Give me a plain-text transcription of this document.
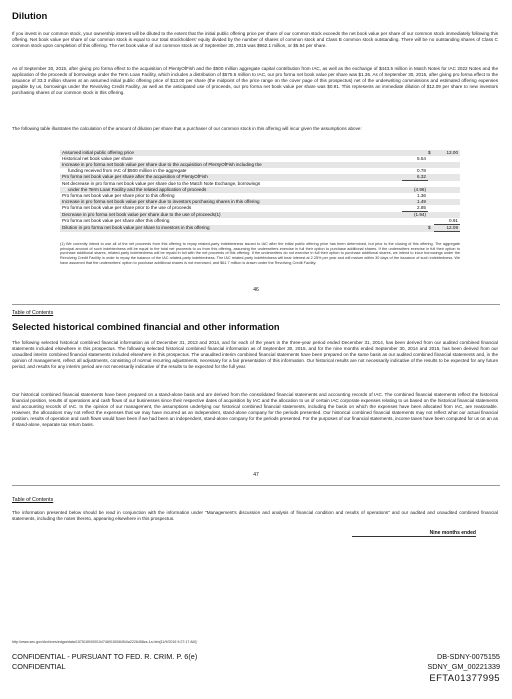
Dilution
If you invest in our common stock, your ownership interest will be diluted to the extent that the initial public offering price per share of our common stock exceeds the net book value per share of our common stock immediately following this offering. Net book value per share of our common stock is equal to our total stockholders' equity divided by the number of shares of common stock and Class B common stock outstanding. There will be no outstanding shares of Class C common stock upon completion of this offering. The net book value of our common stock as of September 30, 2015 was $962.1 million, or $5.54 per share.
As of September 30, 2015, after giving pro forma effect to the acquisition of PlentyOfFish and the $500 million aggregate capital contribution from IAC, as well as the exchange of $443.5 million in Match Notes for IAC 2022 Notes and the application of the proceeds of borrowings under the Term Loan Facility, which includes a distribution of $575.5 million to IAC, our pro forma net book value per share was $1.36. As of September 30, 2015, after giving pro forma effect to the issuance of 33.3 million shares at an assumed initial public offering price of $13.00 per share (the midpoint of the price range on the cover page of this prospectus) net of the underwriting commissions and estimated offering expenses payable by us, borrowings under the Revolving Credit Facility, as well as the anticipated use of proceeds, our pro forma net book value per share was $0.91. This represents an immediate dilution of $12.09 per share to new investors purchasing shares of our common stock in this offering.
The following table illustrates the calculation of the amount of dilution per share that a purchaser of our common stock in this offering will incur given the assumptions above:
Assumed initial public offering price			$	13.00
Historical net book value per share		5.54		
Increase in pro forma net book value per share due to the acquisition of PlentyOfFish including the				
funding received from IAC of $500 million in the aggregate		0.78		
Pro forma net book value per share after the acquisition of PlentyOfFish		6.32		
Net decrease in pro forma net book value per share due to the Match Note Exchange, borrowings				
under the Term Loan Facility and the related application of proceeds		(4.96)		
Pro forma net book value per share prior to this offering		1.36		
Increase in pro forma net book value per share due to investors purchasing shares in this offering		1.49		
Pro forma net book value per share prior to the use of proceeds		2.85		
Decrease in pro forma net book value per share due to the use of proceeds(1)		(1.94)		
Pro forma net book value per share after this offering				0.91
Dilution in pro forma net book value per share to investors in this offering			$	12.09
(1) We currently intend to use all of the net proceeds from this offering to repay related-party indebtedness issued to IAC after the initial public offering price has been determined, but prior to the closing of this offering. The aggregate principal amount of such indebtedness will be equal to the total net proceeds to us from this offering, assuming the underwriters exercise in full their option to purchase additional shares. If the underwriters exercise in full their option to purchase additional shares, related-party indebtedness will be repaid in full with the net proceeds of this offering. If the underwriters do not exercise in full their option to purchase additional shares, we intend to incur borrowings under the Revolving Credit Facility in order to repay the balance of the IAC related-party indebtedness. The IAC related-party indebtedness will bear interest at 2.25% per year and will mature within 30 days of the issuance of such indebtedness. We have assumed that the underwriters' option to purchase additional shares is not exercised, and $61.7 million is drawn under the Revolving Credit Facility.
46
Table of Contents
Selected historical combined financial and other information
The following selected historical combined financial information as of December 31, 2013 and 2014, and for each of the years in the three-year period ended December 31, 2014, has been derived from our audited combined financial statements included elsewhere in this prospectus. The following selected historical combined financial information as of September 30, 2015, and for the nine months ended September 30, 2014 and 2015, has been derived from our unaudited interim combined financial statements included elsewhere in this prospectus. The unaudited interim combined financial statements have been prepared on the same basis as our audited combined financial statements and, in the opinion of management, reflect all adjustments, consisting of normal recurring adjustments, necessary for a fair presentation of this information. Our historical results are not necessarily indicative of the results to be expected for any future period, and results for any interim period are not necessarily indicative of the results to be expected for the full year.
Our historical combined financial statements have been prepared on a stand-alone basis and are derived from the consolidated financial statements and accounting records of IAC. The combined financial statements reflect the historical financial position, results of operations and cash flows of our businesses since their respective dates of acquisition by IAC and the allocation to us of certain IAC corporate expenses relating to us based on the historical financial statements and accounting records of IAC. In the opinion of our management, the assumptions underlying our historical combined financial statements, including the basis on which the expenses have been allocated from IAC, are reasonable. However, the allocations may not reflect the expenses that we may have incurred as an independent, stand-alone company for the periods presented. Our historical combined financial statements may not reflect what our actual financial position, results of operation and cash flows would have been if we had been an independent, stand-alone company for the periods presented. For the purposes of our financial statements, income taxes have been computed for us on an as if stand-alone, separate tax return basis.
47
Table of Contents
The information presented below should be read in conjunction with the information under "Management's discussion and analysis of financial condition and results of operations" and our audited and unaudited combined financial statements, including the notes thereto, appearing elsewhere in this prospectus.
Nine months ended
http://www.sec.gov/Archives/edgar/data/1575189/000104746915008454/a2226458zs-1a.htm[11/9/2015 9:27:17 AM]
CONFIDENTIAL - PURSUANT TO FED. R. CRIM. P. 6(e)
CONFIDENTIAL
DB-SDNY-0075155
SDNY_GM_00221339
EFTA01377995
